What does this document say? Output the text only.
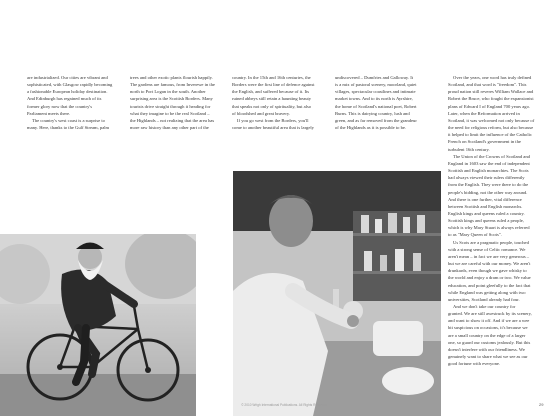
are industrialized. Our cities are vibrant and

sophisticated, with Glasgow rapidly becoming

a fashionable European holiday destination.

And Edinburgh has regained much of its

former glory now that the country's

Parliament meets there.

The country's west coast is a surprise to

many. Here, thanks to the Gulf Stream, palm

trees and other exotic plants flourish happily.

The gardens are famous, from Inverewe in the

north to Port Logan in the south. Another

surprising area is the Scottish Borders. Many

tourists drive straight through it heading for

what they imagine to be the real Scotland –

the Highlands – not realizing that the area has

more raw history than any other part of the

country. In the 15th and 16th centuries, the

Borders were the first line of defence against

the English, and suffered because of it. Its

ruined abbeys still retain a haunting beauty

that speaks not only of spirituality, but also

of bloodshed and great bravery.

If you go west from the Borders, you'll

come to another beautiful area that is largely

undiscovered – Dumfries and Galloway. It

is a mix of pastoral scenery, moorland, quiet

villages, spectacular coastlines and intimate

market towns. And to its north is Ayrshire,

the home of Scotland's national poet, Robert

Burns. This is dairying country, lush and

green, and as far removed from the grandeur

of the Highlands as it is possible to be.

Over the years, one word has truly defined

Scotland, and that word is "freedom". This

proud nation still reveres William Wallace and

Robert the Bruce, who fought the expansionist

plans of Edward I of England 700 years ago.

Later, when the Reformation arrived in

Scotland, it was welcomed not only because of

the need for religious reform, but also because

it helped to limit the influence of the Catholic

French on Scotland's government in the

turbulent 16th century.

The Union of the Crowns of Scotland and

England in 1603 saw the end of independent

Scottish and English monarchies. The Scots

had always viewed their rulers differently

from the English. They were there to do the

people's bidding, not the other way around.

And there is one further, vital difference

between Scottish and English monarchs.

English kings and queens ruled a country.

Scottish kings and queens ruled a people,

which is why Mary Stuart is always referred

to as "Mary Queen of Scots".

Us Scots are a pragmatic people, touched

with a strong sense of Celtic romance. We

aren't mean – in fact we are very generous –

but we are careful with our money. We aren't

drunkards, even though we gave whisky to

the world and enjoy a dram or two. We value

education, and point gleefully to the fact that

while England was getting along with two

universities, Scotland already had four.

And we don't take our country for

granted. We are still awestruck by its scenery,

and want to show it off. And if we are a wee

bit suspicious on occasions, it's because we

are a small country on the edge of a larger

one, so guard our customs jealously. But this

doesn't interfere with our friendliness. We

genuinely want to share what we see as our

good fortune with everyone.

© 2010 Wrigh International Publications. All Rights Reserved	29
